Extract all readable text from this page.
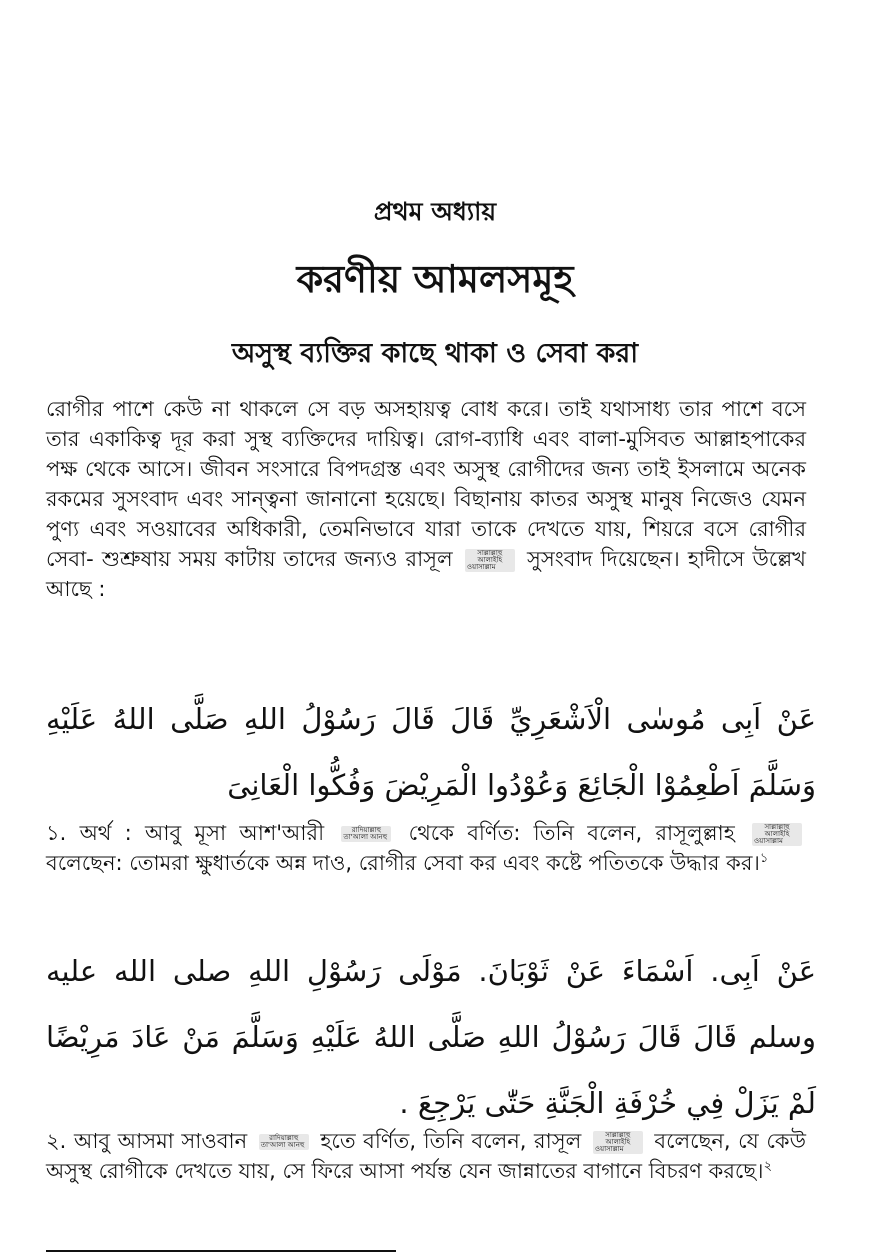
প্রথম অধ্যায়
করণীয় আমলসমূহ
অসুস্থ ব্যক্তির কাছে থাকা ও সেবা করা
রোগীর পাশে কেউ না থাকলে সে বড় অসহায়ত্ব বোধ করে। তাই যথাসাধ্য তার পাশে বসে তার একাকিত্ব দূর করা সুস্থ ব্যক্তিদের দায়িত্ব। রোগ-ব্যাধি এবং বালা-মুসিবত আল্লাহপাকের পক্ষ থেকে আসে। জীবন সংসারে বিপদগ্রস্ত এবং অসুস্থ রোগীদের জন্য তাই ইসলামে অনেক রকমের সুসংবাদ এবং সান্ত্বনা জানানো হয়েছে। বিছানায় কাতর অসুস্থ মানুষ নিজেও যেমন পুণ্য এবং সওয়াবের অধিকারী, তেমনিভাবে যারা তাকে দেখতে যায়, শিয়রে বসে রোগীর সেবা- শুশ্রুষায় সময় কাটায় তাদের জন্যও রাসূল	সাল্লাল্লাহু আলাইহি ওয়াসাল্লাম সুসংবাদ দিয়েছেন। হাদীসে উল্লেখ আছে :
عَنْ اَبِى مُوسٰى الْاَشْعَرِيِّ قَالَ قَالَ رَسُوْلُ اللهِ صَلَّى اللهُ عَلَيْهِ وَسَلَّمَ اَطْعِمُوْا الْجَائِعَ وَعُوْدُوا الْمَرِيْضَ وَفُكُّوا الْعَانِىَ
১. অর্থ : আবু মূসা আশ'আরী	রাদিয়াল্লাহু তা'আলা আনহু থেকে বর্ণিত: তিনি বলেন, রাসূলুল্লাহ	সাল্লাল্লাহু আলাইহি ওয়াসাল্লাম বলেছেন: তোমরা ক্ষুধার্তকে অন্ন দাও, রোগীর সেবা কর এবং কষ্টে পতিতকে উদ্ধার কর।$^১$
عَنْ اَبِى. اَسْمَاءَ عَنْ ثَوْبَانَ. مَوْلَى رَسُوْلِ اللهِ صلى الله عليه وسلم قَالَ قَالَ رَسُوْلُ اللهِ صَلَّى اللهُ عَلَيْهِ وَسَلَّمَ مَنْ عَادَ مَرِيْضًا لَمْ يَزَلْ فِي خُرْفَةِ الْجَنَّةِ حَتّٰى يَرْجِعَ .
২. আবু আসমা সাওবান	রাদিয়াল্লাহু তা'আলা আনহু হতে বর্ণিত, তিনি বলেন, রাসূল	সাল্লাল্লাহু আলাইহি ওয়াসাল্লাম বলেছেন, যে কেউ অসুস্থ রোগীকে দেখতে যায়, সে ফিরে আসা পর্যন্ত যেন জান্নাতের বাগানে বিচরণ করছে।$^২$
